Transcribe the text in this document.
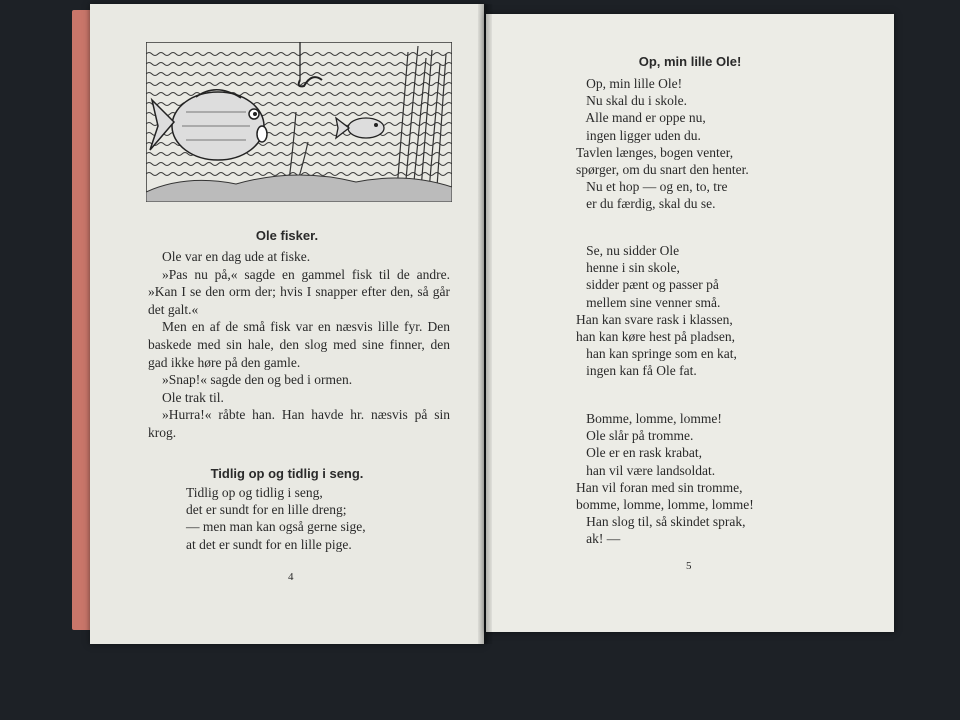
Ole fisker.

Ole var en dag ude at fiske.

»Pas nu på,« sagde en gammel fisk til de andre. »Kan I se den orm der; hvis I snapper efter den, så går det galt.«

Men en af de små fisk var en næsvis lille fyr. Den baskede med sin hale, den slog med sine finner, den gad ikke høre på den gamle.

»Snap!« sagde den og bed i ormen.

Ole trak til.

»Hurra!« råbte han. Han havde hr. næsvis på sin krog.

Tidlig op og tidlig i seng.
Tidlig op og tidlig i seng,
det er sundt for en lille dreng;
— men man kan også gerne sige,
at det er sundt for en lille pige.
4
Op, min lille Ole!
Op, min lille Ole!
Nu skal du i skole.
Alle mand er oppe nu,
ingen ligger uden du.
Tavlen længes, bogen venter,
spørger, om du snart den henter.
Nu et hop — og en, to, tre
er du færdig, skal du se.
Se, nu sidder Ole
henne i sin skole,
sidder pænt og passer på
mellem sine venner små.
Han kan svare rask i klassen,
han kan køre hest på pladsen,
han kan springe som en kat,
ingen kan få Ole fat.
Bomme, lomme, lomme!
Ole slår på tromme.
Ole er en rask krabat,
han vil være landsoldat.
Han vil foran med sin tromme,
bomme, lomme, lomme, lomme!
Han slog til, så skindet sprak,
ak! —
5
